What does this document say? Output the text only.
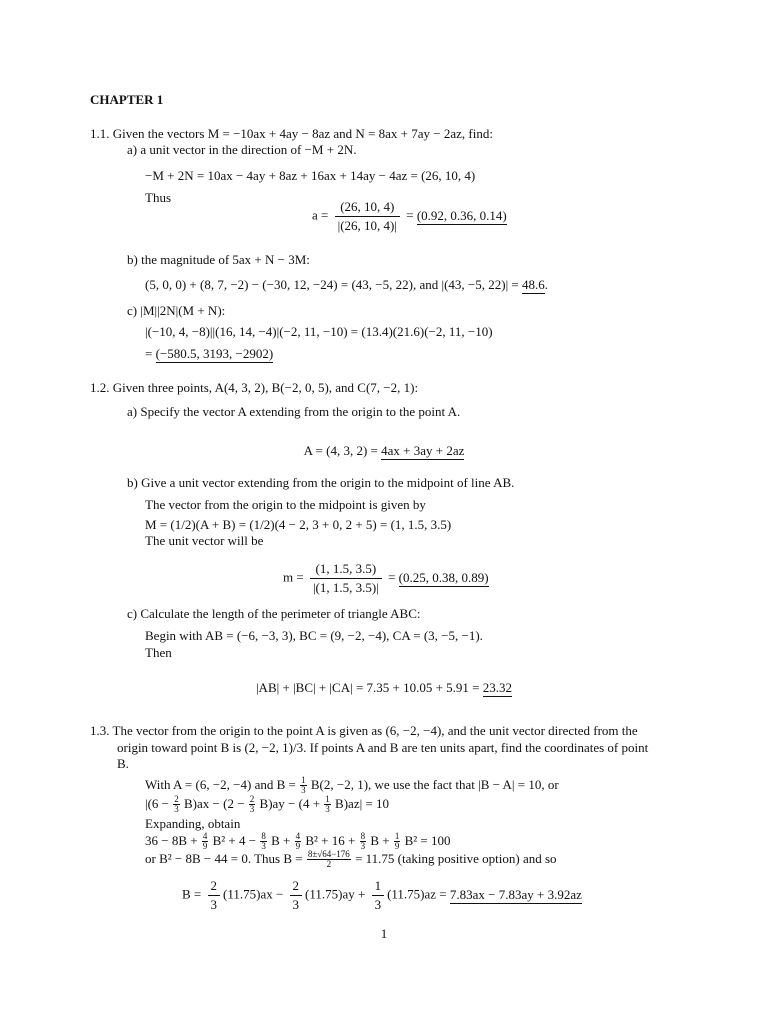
CHAPTER 1
1.1. Given the vectors M = −10ax + 4ay − 8az and N = 8ax + 7ay − 2az, find:
a) a unit vector in the direction of −M + 2N.
−M + 2N = 10ax − 4ay + 8az + 16ax + 14ay − 4az = (26, 10, 4)
Thus
$a = \frac{(26, 10, 4)}{|(26, 10, 4)|} = (0.92$, 0.36, 0.14)
b) the magnitude of 5ax + N − 3M:
(5, 0, 0) + (8, 7, −2) − (−30, 12, −24) = (43, −5, 22), and |(43, −5, 22)| = 48.6.
c) |M||2N|(M + N):
|(−10, 4, −8)||(16, 14, −4)|(−2, 11, −10) = (13.4)(21.6)(−2, 11, −10)
= (−580.5, 3193, −2902)
1.2. Given three points, A(4, 3, 2), B(−2, 0, 5), and C(7, −2, 1):
a) Specify the vector A extending from the origin to the point A.
A = (4, 3, 2) = 4ax + 3ay + 2az
b) Give a unit vector extending from the origin to the midpoint of line AB.
The vector from the origin to the midpoint is given by
M = (1/2)(A + B) = (1/2)(4 − 2, 3 + 0, 2 + 5) = (1, 1.5, 3.5)
The unit vector will be
$m = \frac{(1, 1.5, 3.5)}{|(1, 1.5, 3.5)|} = (0.25$, 0.38, 0.89)
c) Calculate the length of the perimeter of triangle ABC:
Begin with AB = (−6, −3, 3), BC = (9, −2, −4), CA = (3, −5, −1).
Then
|AB| + |BC| + |CA| = 7.35 + 10.05 + 5.91 = 23.32
1.3. The vector from the origin to the point A is given as (6, −2, −4), and the unit vector directed from the
origin toward point B is (2, −2, 1)/3. If points A and B are ten units apart, find the coordinates of point
B.
With A = (6, −2, −4) and $B = \frac{1}{3} B(2$, −2, 1), we use the fact that |B − A| = 10, or
$|(6 - \frac{2}{3} B)ax - (2 - \frac{2}{3} B)ay - (4 + \frac{1}{3} B)az| = 10$
Expanding, obtain
$36 - 8B + \frac{4}{9} B^2 + 4 - \frac{8}{3}$ $B + \frac{4}{9} B^2 + 16 + \frac{8}{3}$ $B + \frac{1}{9} B^2 = 100$
or B² − 8B − 44 = 0. Thus $B = \frac{8\pm√64-176}{2} = 11.75$ (taking positive option) and so
$B = \frac{2}{3} (11.75)ax - \frac{2}{3} (11.75)ay + \frac{1}{3} (11.75)az = 7.83ax - 7.83ay + 3.92az$
1
